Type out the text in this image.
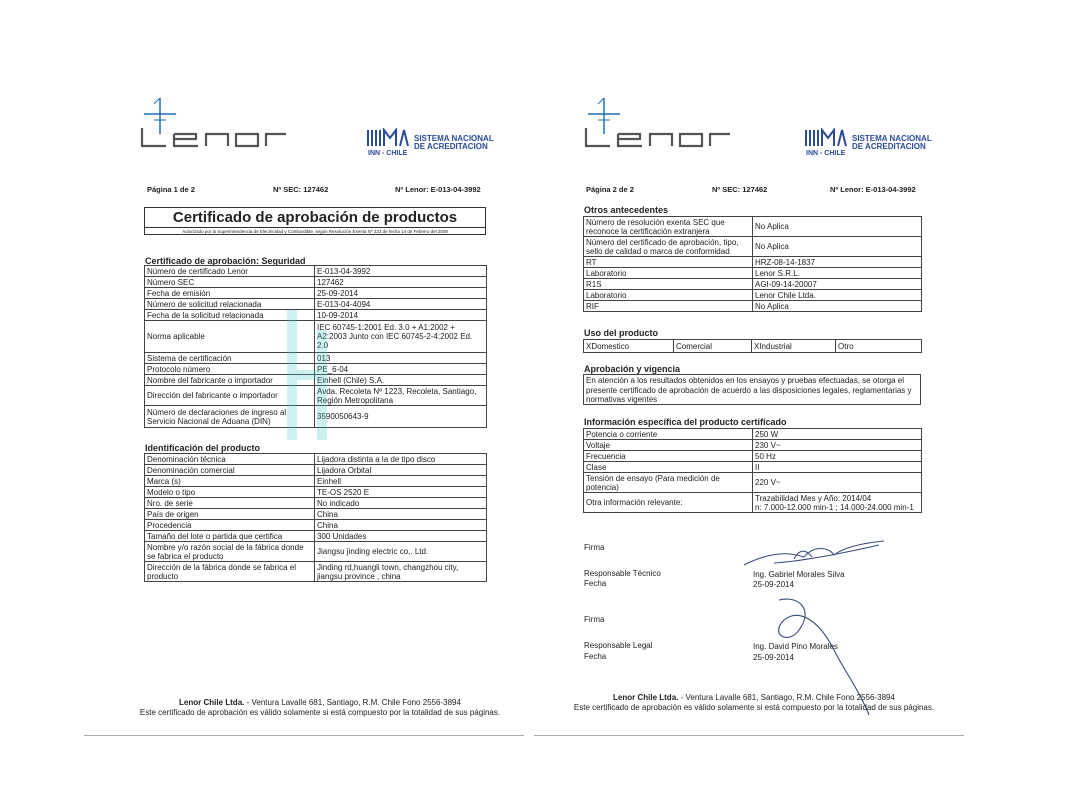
SISTEMA NACIONAL
DE ACREDITACION
INN - CHILE
Página 1 de 2	Nº SEC: 127462	Nº Lenor: E-013-04-3992
Certificado de aprobación de productos
Autorizado por la Superintendencia de Electricidad y Combustible, según Resolución Exenta Nº 233 de fecha 14 de Febrero del 2008
Certificado de aprobación: Seguridad
Número de certificado Lenor	E-013-04-3992
Número SEC	127462
Fecha de emisión	25-09-2014
Número de solicitud relacionada	E-013-04-4094
Fecha de la solicitud relacionada	10-09-2014
Norma aplicable	IEC 60745-1:2001 Ed. 3.0 + A1:2002 + A2:2003 Junto con IEC 60745-2-4:2002 Ed. 2.0
Sistema de certificación	013
Protocolo número	PE_6-04
Nombre del fabricante o importador	Einhell (Chile) S.A.
Dirección del fabricante o importador	Avda. Recoleta Nº 1223, Recoleta, Santiago, Región Metropolitana
Número de declaraciones de ingreso al Servicio Nacional de Aduana (DIN)	3590050643-9
Identificación del producto
Denominación técnica	Lijadora distinta a la de tipo disco
Denominación comercial	Lijadora Orbital
Marca (s)	Einhell
Modelo o tipo	TE-OS 2520 E
Nro. de serie	No indicado
País de origen	China
Procedencia	China
Tamaño del lote o partida que certifica	300 Unidades
Nombre y/o razón social de la fábrica donde se fabrica el producto	Jiangsu jinding electric co,. Ltd.
Dirección de la fábrica donde se fabrica el producto	Jinding rd,huangli town, changzhou city, jiangsu province , china
Lenor Chile Ltda. - Ventura Lavalle 681, Santiago, R.M. Chile Fono 2556-3894
Este certificado de aprobación es válido solamente si está compuesto por la totalidad de sus páginas.
SISTEMA NACIONAL
DE ACREDITACION
INN - CHILE
Página 2 de 2	Nº SEC: 127462	Nº Lenor: E-013-04-3992
Otros antecedentes
Número de resolución exenta SEC que reconoce la certificación extranjera	No Aplica
Número del certificado de aprobación, tipo, sello de calidad o marca de conformidad	No Aplica
RT	HRZ-08-14-1837
Laboratorio	Lenor S.R.L.
R1S	AGI-09-14-20007
Laboratorio	Lenor Chile Ltda.
RIF	No Aplica
Uso del producto
XDomestico	Comercial	XIndustrial	Otro
Aprobación y vigencia
En atención a los resultados obtenidos en los ensayos y pruebas efectuadas, se otorga el presente certificado de aprobación de acuerdo a las disposiciones legales, reglamentarias y normativas vigentes
Información específica del producto certificado
Potencia o corriente	250 W
Voltaje	230 V~
Frecuencia	50 Hz
Clase	II
Tensión de ensayo (Para medición de potencia)	220 V~
Otra información relevante:	Trazabilidad Mes y Año: 2014/04
n: 7.000-12.000 min-1 ; 14.000-24.000 min-1
Firma
Responsable Técnico
Fecha
Ing. Gabriel Morales Silva
25-09-2014
Firma
Responsable Legal
Fecha
Ing. David Pino Morales
25-09-2014
Lenor Chile Ltda. - Ventura Lavalle 681, Santiago, R.M. Chile Fono 2556-3894
Este certificado de aprobación es válido solamente si está compuesto por la totalidad de sus páginas.
